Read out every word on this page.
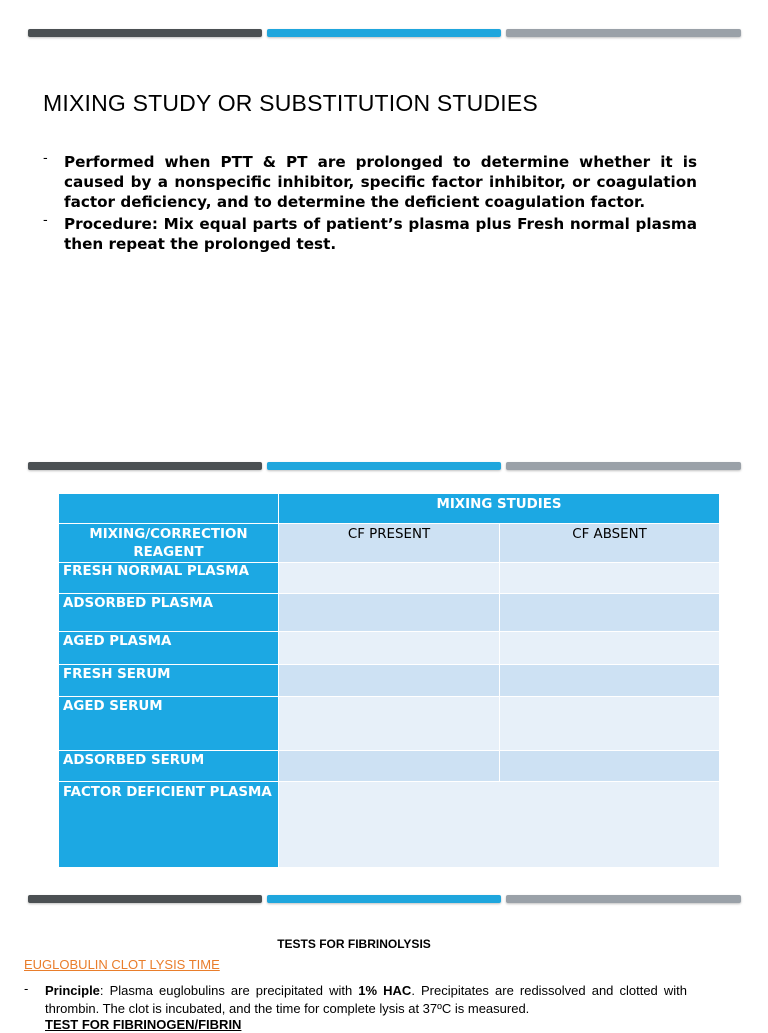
MIXING STUDY OR SUBSTITUTION STUDIES
- Performed when PTT & PT are prolonged to determine whether it is caused by a nonspecific inhibitor, specific factor inhibitor, or coagulation factor deficiency, and to determine the deficient coagulation factor.
- Procedure: Mix equal parts of patient’s plasma plus Fresh normal plasma then repeat the prolonged test.
	MIXING STUDIES	
MIXING/CORRECTION REAGENT	CF PRESENT	CF ABSENT
FRESH NORMAL PLASMA		
ADSORBED PLASMA		
AGED PLASMA		
FRESH SERUM		
AGED SERUM		
ADSORBED SERUM		
FACTOR DEFICIENT PLASMA		

TESTS FOR FIBRINOLYSIS

EUGLOBULIN CLOT LYSIS TIME

-	Principle: Plasma euglobulins are precipitated with 1% HAC. Precipitates are redissolved and clotted with thrombin. The clot is incubated, and the time for complete lysis at 37ºC is measured.

TEST FOR FIBRINOGEN/FIBRIN
